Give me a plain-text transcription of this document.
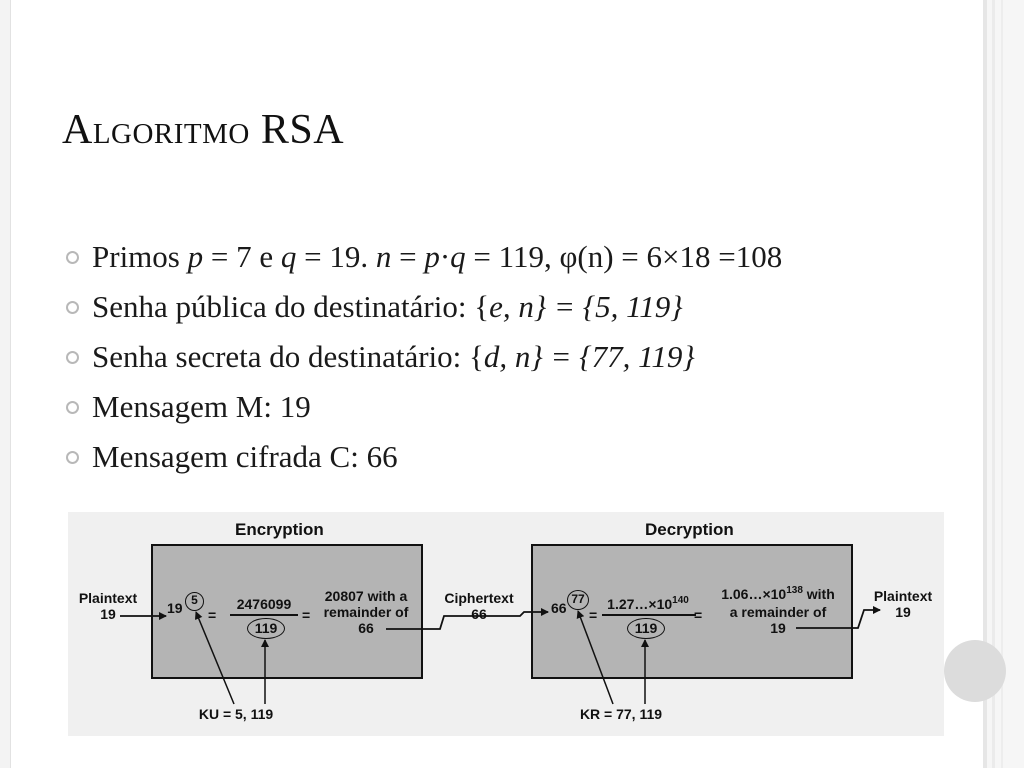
Algoritmo RSA
Primos p = 7 e q = 19. n = p·q = 119, φ(n) = 6×18 =108
Senha pública do destinatário: {e, n} = {5, 119}
Senha secreta do destinatário: {d, n} = {77, 119}
Mensagem M: 19
Mensagem cifrada C: 66
Encryption
Plaintext
19	19 5
=
2476099
119
=
20807 with a
remainder of
66
Ciphertext
66
KU = 5, 119
Decryption
66
77
=
$1.27\dots\times 10^{140}$
119
=
$1.06\dots\times 10^{138}$ with
a remainder of
19
Plaintext
19
KR = 77, 119
